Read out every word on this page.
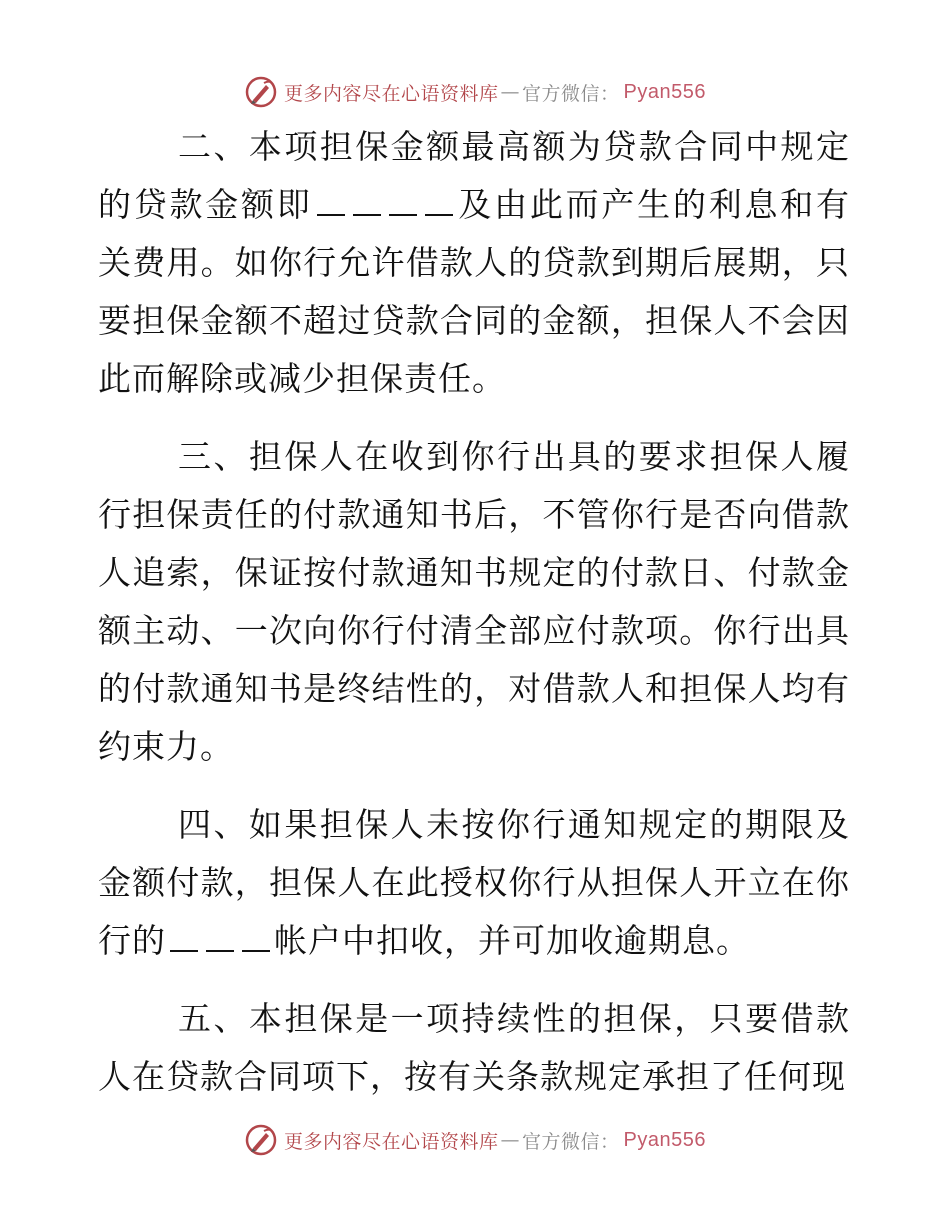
更多内容尽在心语资料库 — 官方微信： Pyan556

二、本项担保金额最高额为贷款合同中规定的贷款金额即	及由此而产生的利息和有关费用。如你行允许借款人的贷款到期后展期，只要担保金额不超过贷款合同的金额，担保人不会因此而解除或减少担保责任。

三、担保人在收到你行出具的要求担保人履行担保责任的付款通知书后，不管你行是否向借款人追索，保证按付款通知书规定的付款日、付款金额主动、一次向你行付清全部应付款项。你行出具的付款通知书是终结性的，对借款人和担保人均有约束力。

四、如果担保人未按你行通知规定的期限及金额付款，担保人在此授权你行从担保人开立在你行的	帐户中扣收，并可加收逾期息。

五、本担保是一项持续性的担保，只要借款人在贷款合同项下，按有关条款规定承担了任何现

更多内容尽在心语资料库 — 官方微信： Pyan556
